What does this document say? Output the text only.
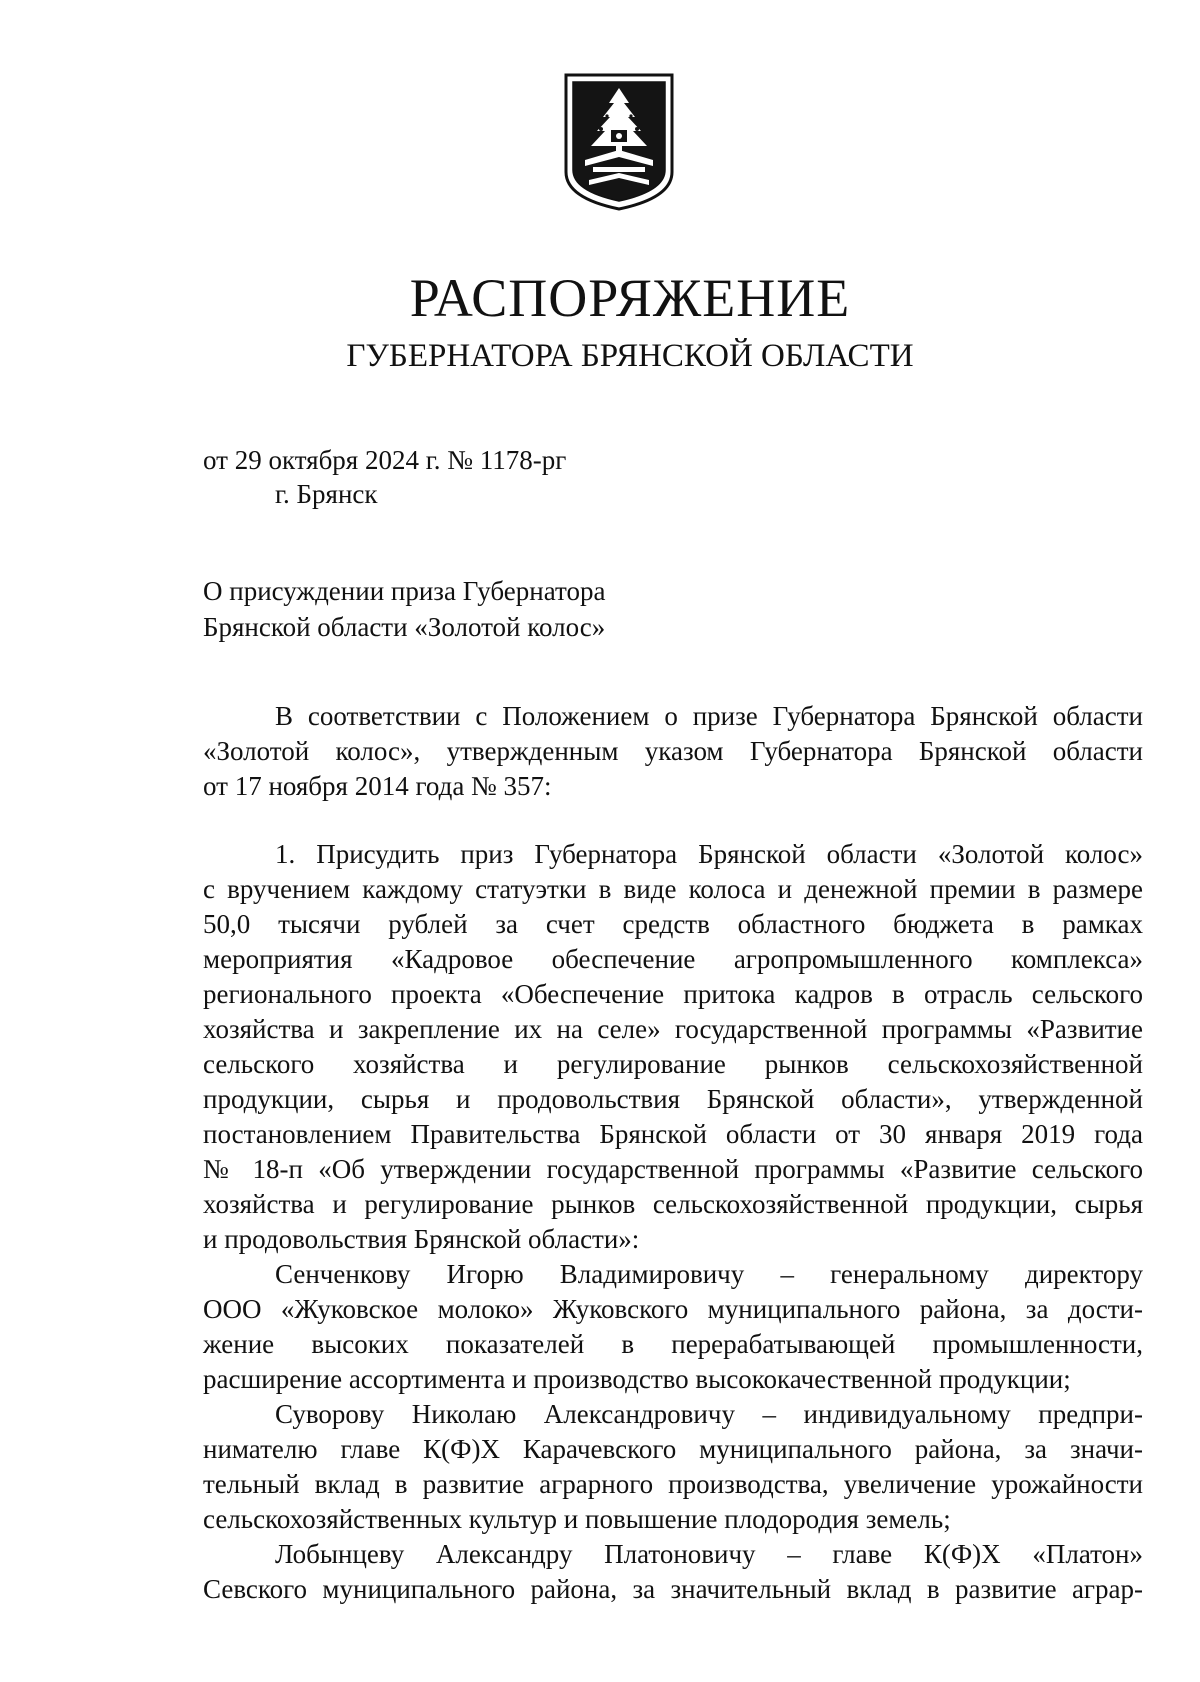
РАСПОРЯЖЕНИЕ
ГУБЕРНАТОРА БРЯНСКОЙ ОБЛАСТИ
от 29 октября 2024 г. № 1178-рг
г. Брянск
О присуждении приза Губернатора
Брянской области «Золотой колос»

В соответствии с Положением о призе Губернатора Брянской области

«Золотой колос», утвержденным указом Губернатора Брянской области

от 17 ноября 2014 года № 357:

1. Присудить приз Губернатора Брянской области «Золотой колос»

с вручением каждому статуэтки в виде колоса и денежной премии в размере

50,0 тысячи рублей за счет средств областного бюджета в рамках

мероприятия «Кадровое обеспечение агропромышленного комплекса»

регионального проекта «Обеспечение притока кадров в отрасль сельского

хозяйства и закрепление их на селе» государственной программы «Развитие

сельского хозяйства и регулирование рынков сельскохозяйственной

продукции, сырья и продовольствия Брянской области», утвержденной

постановлением Правительства Брянской области от 30 января 2019 года

№ 18-п «Об утверждении государственной программы «Развитие сельского

хозяйства и регулирование рынков сельскохозяйственной продукции, сырья

и продовольствия Брянской области»:

Сенченкову Игорю Владимировичу – генеральному директору

ООО «Жуковское молоко» Жуковского муниципального района, за дости-

жение высоких показателей в перерабатывающей промышленности,

расширение ассортимента и производство высококачественной продукции;

Суворову Николаю Александровичу – индивидуальному предпри-

нимателю главе К(Ф)Х Карачевского муниципального района, за значи-

тельный вклад в развитие аграрного производства, увеличение урожайности

сельскохозяйственных культур и повышение плодородия земель;

Лобынцеву Александру Платоновичу – главе К(Ф)Х «Платон»

Севского муниципального района, за значительный вклад в развитие аграр-
